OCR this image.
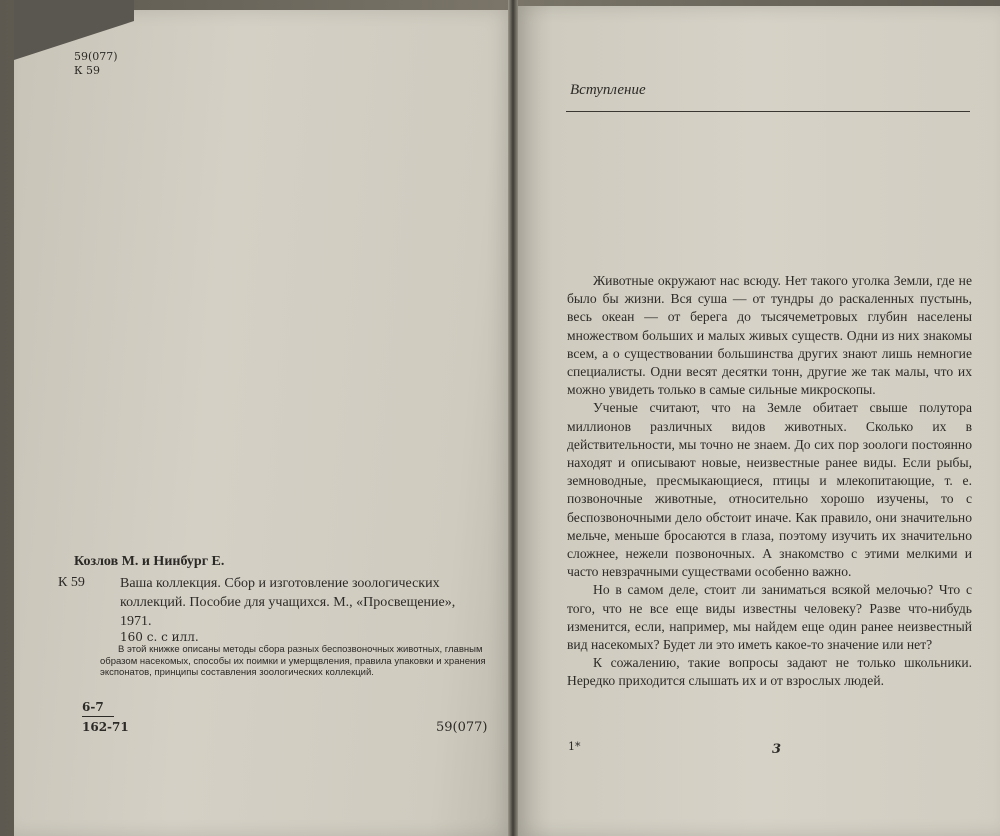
59(077)
К 59
Козлов М. и Нинбург Е.
К 59	Ваша коллекция. Сбор и изготовление зоологических коллекций. Пособие для учащихся. М., «Просвещение», 1971.
160 с. с илл.
В этой книжке описаны методы сбора разных беспозвоночных животных, главным образом насекомых, способы их поимки и умерщвления, правила упаковки и хранения экспонатов, принципы составления зоологических коллекций.
6-7
162-71	59(077)
Вступление

Животные окружают нас всюду. Нет такого уголка Земли, где не было бы жизни. Вся суша — от тундры до раскаленных пустынь, весь океан — от берега до тысячеметровых глубин населены множеством больших и малых живых существ. Одни из них знакомы всем, а о существовании большинства других знают лишь немногие специалисты. Одни весят десятки тонн, другие же так малы, что их можно увидеть только в самые сильные микроскопы.

Ученые считают, что на Земле обитает свыше полутора миллионов различных видов животных. Сколько их в действительности, мы точно не знаем. До сих пор зоологи постоянно находят и описывают новые, неизвестные ранее виды. Если рыбы, земноводные, пресмыкающиеся, птицы и млекопитающие, т. е. позвоночные животные, относительно хорошо изучены, то с беспозвоночными дело обстоит иначе. Как правило, они значительно мельче, меньше бросаются в глаза, поэтому изучить их значительно сложнее, нежели позвоночных. А знакомство с этими мелкими и часто невзрачными существами особенно важно.

Но в самом деле, стоит ли заниматься всякой мелочью? Что с того, что не все еще виды известны человеку? Разве что-нибудь изменится, если, например, мы найдем еще один ранее неизвестный вид насекомых? Будет ли это иметь какое-то значение или нет?

К сожалению, такие вопросы задают не только школьники. Нередко приходится слышать их и от взрослых людей.

1*	3
